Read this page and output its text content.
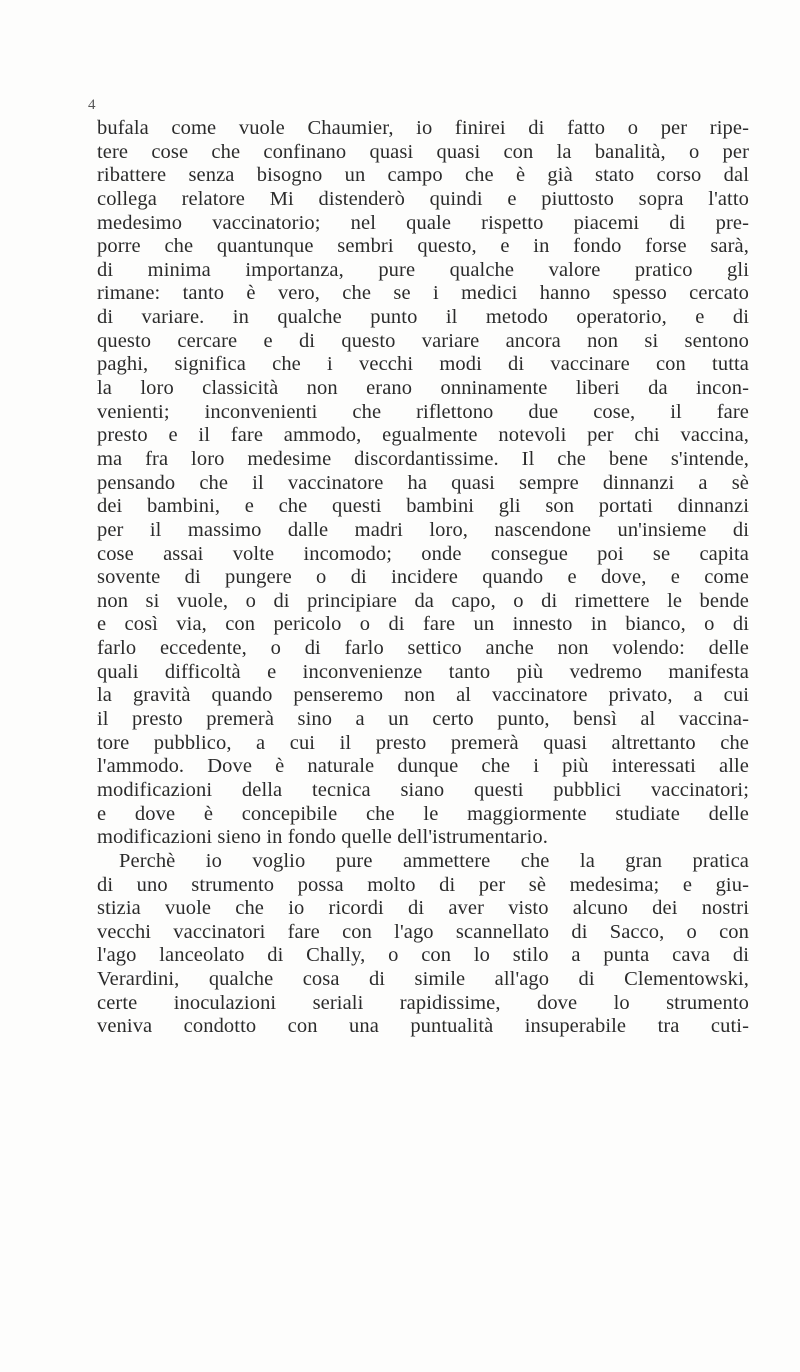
4
bufala come vuole Chaumier, io finirei di fatto o per ripe-
tere cose che confinano quasi quasi con la banalità, o per
ribattere senza bisogno un campo che è già stato corso dal
collega relatore Mi distenderò quindi e piuttosto sopra l'atto
medesimo vaccinatorio; nel quale rispetto piacemi di pre-
porre che quantunque sembri questo, e in fondo forse sarà,
di minima importanza, pure qualche valore pratico gli
rimane: tanto è vero, che se i medici hanno spesso cercato
di variare. in qualche punto il metodo operatorio, e di
questo cercare e di questo variare ancora non si sentono
paghi, significa che i vecchi modi di vaccinare con tutta
la loro classicità non erano onninamente liberi da incon-
venienti; inconvenienti che riflettono due cose, il fare
presto e il fare ammodo, egualmente notevoli per chi vaccina,
ma fra loro medesime discordantissime. Il che bene s'intende,
pensando che il vaccinatore ha quasi sempre dinnanzi a sè
dei bambini, e che questi bambini gli son portati dinnanzi
per il massimo dalle madri loro, nascendone un'insieme di
cose assai volte incomodo; onde consegue poi se capita
sovente di pungere o di incidere quando e dove, e come
non si vuole, o di principiare da capo, o di rimettere le bende
e così via, con pericolo o di fare un innesto in bianco, o di
farlo eccedente, o di farlo settico anche non volendo: delle
quali difficoltà e inconvenienze tanto più vedremo manifesta
la gravità quando penseremo non al vaccinatore privato, a cui
il presto premerà sino a un certo punto, bensì al vaccina-
tore pubblico, a cui il presto premerà quasi altrettanto che
l'ammodo. Dove è naturale dunque che i più interessati alle
modificazioni della tecnica siano questi pubblici vaccinatori;
e dove è concepibile che le maggiormente studiate delle
modificazioni sieno in fondo quelle dell'istrumentario.
Perchè io voglio pure ammettere che la gran pratica
di uno strumento possa molto di per sè medesima; e giu-
stizia vuole che io ricordi di aver visto alcuno dei nostri
vecchi vaccinatori fare con l'ago scannellato di Sacco, o con
l'ago lanceolato di Chally, o con lo stilo a punta cava di
Verardini, qualche cosa di simile all'ago di Clementowski,
certe inoculazioni seriali rapidissime, dove lo strumento
veniva condotto con una puntualità insuperabile tra cuti-
